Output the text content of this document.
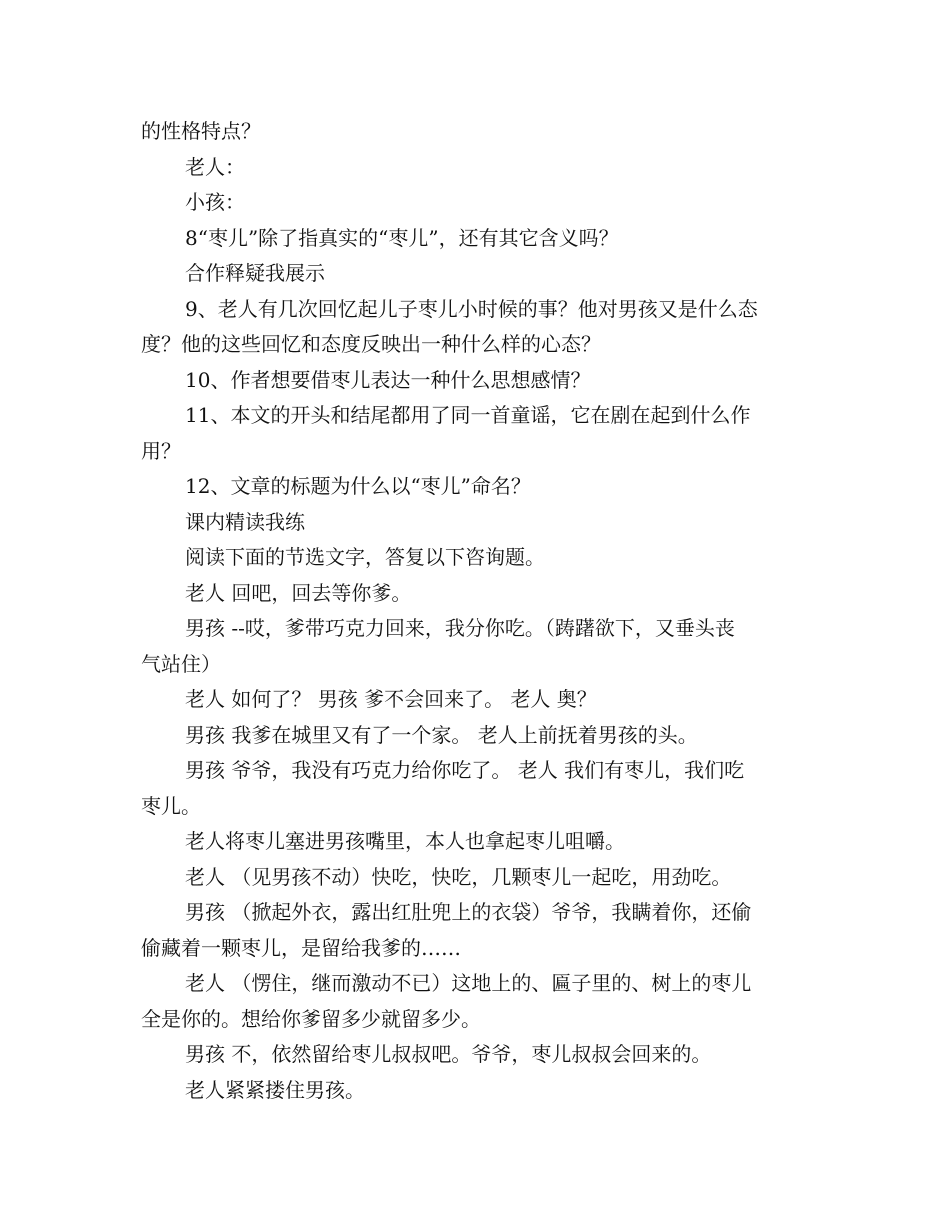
的性格特点？

老人：

小孩：

8“枣儿”除了指真实的“枣儿”，还有其它含义吗？

合作释疑我展示

9、老人有几次回忆起儿子枣儿小时候的事？他对男孩又是什么态

度？他的这些回忆和态度反映出一种什么样的心态？

10、作者想要借枣儿表达一种什么思想感情？

11、本文的开头和结尾都用了同一首童谣，它在剧在起到什么作

用？

12、文章的标题为什么以“枣儿”命名？

课内精读我练

阅读下面的节选文字，答复以下咨询题。

老人 回吧，回去等你爹。

男孩 --哎，爹带巧克力回来，我分你吃。（踌躇欲下，又垂头丧

气站住）

老人 如何了？ 男孩 爹不会回来了。 老人 奥？

男孩 我爹在城里又有了一个家。 老人上前抚着男孩的头。

男孩 爷爷，我没有巧克力给你吃了。 老人 我们有枣儿，我们吃

枣儿。

老人将枣儿塞进男孩嘴里，本人也拿起枣儿咀嚼。

老人 （见男孩不动）快吃，快吃，几颗枣儿一起吃，用劲吃。

男孩 （掀起外衣，露出红肚兜上的衣袋）爷爷，我瞒着你，还偷

偷藏着一颗枣儿，是留给我爹的……

老人 （愣住，继而激动不已）这地上的、匾子里的、树上的枣儿

全是你的。想给你爹留多少就留多少。

男孩 不，依然留给枣儿叔叔吧。爷爷，枣儿叔叔会回来的。

老人紧紧搂住男孩。
